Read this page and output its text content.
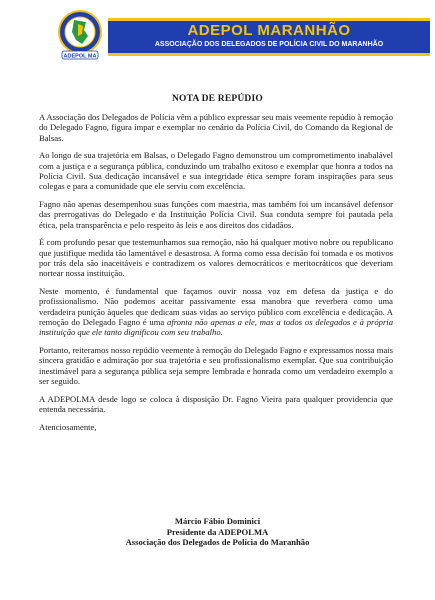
ADEPOL MA
ADEPOL MARANHÃO
ASSOCIAÇÃO DOS DELEGADOS DE POLÍCIA CIVIL DO MARANHÃO
NOTA DE REPÚDIO

A Associação dos Delegados de Polícia vêm a público expressar seu mais veemente repúdio à remoção do Delegado Fagno, figura ímpar e exemplar no cenário da Polícia Civil, do Comando da Regional de Balsas.

Ao longo de sua trajetória em Balsas, o Delegado Fagno demonstrou um comprometimento inabalável com a justiça e a segurança pública, conduzindo um trabalho exitoso e exemplar que honra a todos na Polícia Civil. Sua dedicação incansável e sua integridade ética sempre foram inspirações para seus colegas e para a comunidade que ele serviu com excelência.

Fagno não apenas desempenhou suas funções com maestria, mas também foi um incansável defensor das prerrogativas do Delegado e da Instituição Polícia Civil. Sua conduta sempre foi pautada pela ética, pela transparência e pelo respeito às leis e aos direitos dos cidadãos.

É com profundo pesar que testemunhamos sua remoção, não há qualquer motivo nobre ou republicano que justifique medida tão lamentável e desastrosa. A forma como essa decisão foi tomada e os motivos por trás dela são inaceitáveis e contradizem os valores democráticos e meritocráticos que deveriam nortear nossa instituição.

Neste momento, é fundamental que façamos ouvir nossa voz em defesa da justiça e do profissionalismo. Não podemos aceitar passivamente essa manobra que reverbera como uma verdadeira punição àqueles que dedicam suas vidas ao serviço público com excelência e dedicação. A remoção do Delegado Fagno é uma afronta não apenas a ele, mas a todos os delegados e à própria instituição que ele tanto dignificou com seu trabalho.

Portanto, reiteramos nosso repúdio veemente à remoção do Delegado Fagno e expressamos nossa mais sincera gratidão e admiração por sua trajetória e seu profissionalismo exemplar. Que sua contribuição inestimável para a segurança pública seja sempre lembrada e honrada como um verdadeiro exemplo a ser seguido.

A ADEPOLMA desde logo se coloca à disposição Dr. Fagno Vieira para qualquer providencia que entenda necessária.

Atenciosamente,

Márcio Fábio Dominici
Presidente da ADEPOLMA
Associação dos Delegados de Polícia do Maranhão
